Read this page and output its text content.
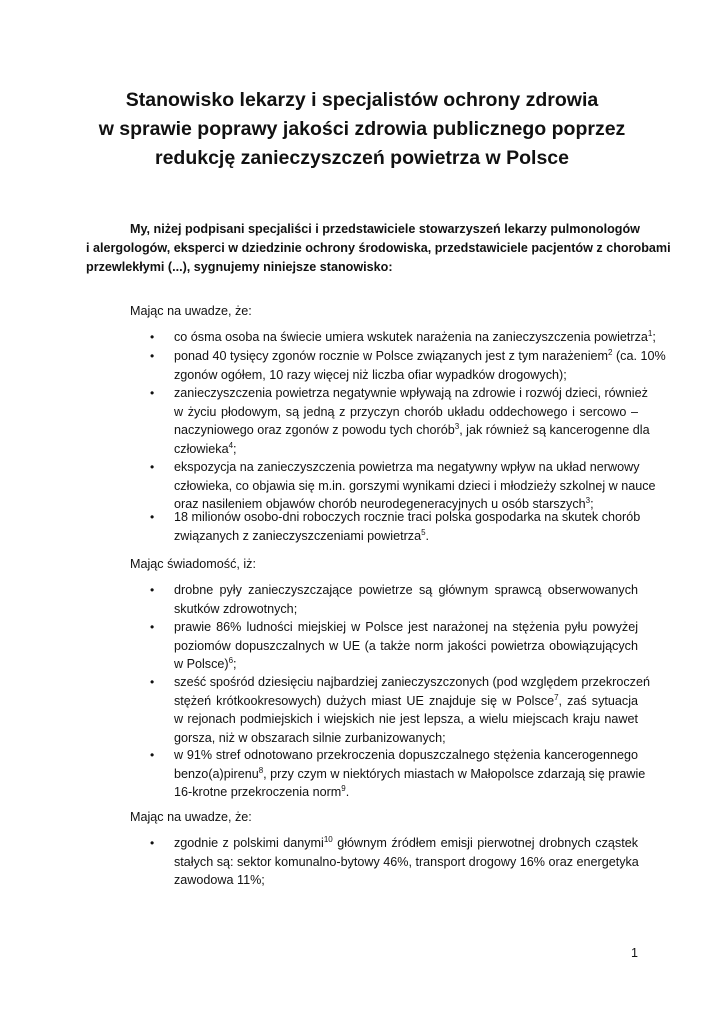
Stanowisko lekarzy i specjalistów ochrony zdrowia
w sprawie poprawy jakości zdrowia publicznego poprzez
redukcję zanieczyszczeń powietrza w Polsce
My, niżej podpisani specjaliści i przedstawiciele stowarzyszeń lekarzy pulmonologów
i alergologów, eksperci w dziedzinie ochrony środowiska, przedstawiciele pacjentów z chorobami
przewlekłymi (...), sygnujemy niniejsze stanowisko:
Mając na uwadze, że:
• co ósma osoba na świecie umiera wskutek narażenia na zanieczyszczenia powietrza$^1$;
• ponad 40 tysięcy zgonów rocznie w Polsce związanych jest z tym narażeniem$^2$ (ca. 10%
zgonów ogółem, 10 razy więcej niż liczba ofiar wypadków drogowych);
• zanieczyszczenia powietrza negatywnie wpływają na zdrowie i rozwój dzieci, również
w życiu płodowym, są jedną z przyczyn chorób układu oddechowego i sercowo –
naczyniowego oraz zgonów z powodu tych chorób$^3$, jak również są kancerogenne dla
człowieka$^4$;
• ekspozycja na zanieczyszczenia powietrza ma negatywny wpływ na układ nerwowy
człowieka, co objawia się m.in. gorszymi wynikami dzieci i młodzieży szkolnej w nauce
oraz nasileniem objawów chorób neurodegeneracyjnych u osób starszych$^3$;
• 18 milionów osobo-dni roboczych rocznie traci polska gospodarka na skutek chorób
związanych z zanieczyszczeniami powietrza$^5$.
Mając świadomość, iż:
• drobne pyły zanieczyszczające powietrze są głównym sprawcą obserwowanych
skutków zdrowotnych;
• prawie 86% ludności miejskiej w Polsce jest narażonej na stężenia pyłu powyżej
poziomów dopuszczalnych w UE (a także norm jakości powietrza obowiązujących
w Polsce)$^6$;
• sześć spośród dziesięciu najbardziej zanieczyszczonych (pod względem przekroczeń
stężeń krótkookresowych) dużych miast UE znajduje się w Polsce$^7$, zaś sytuacja
w rejonach podmiejskich i wiejskich nie jest lepsza, a wielu miejscach kraju nawet
gorsza, niż w obszarach silnie zurbanizowanych;
• w 91% stref odnotowano przekroczenia dopuszczalnego stężenia kancerogennego
benzo(a)pirenu$^8$, przy czym w niektórych miastach w Małopolsce zdarzają się prawie
16-krotne przekroczenia norm$^9$.
Mając na uwadze, że:
• zgodnie z polskimi danymi$^{10}$ głównym źródłem emisji pierwotnej drobnych cząstek
stałych są: sektor komunalno-bytowy 46%, transport drogowy 16% oraz energetyka
zawodowa 11%;
1
